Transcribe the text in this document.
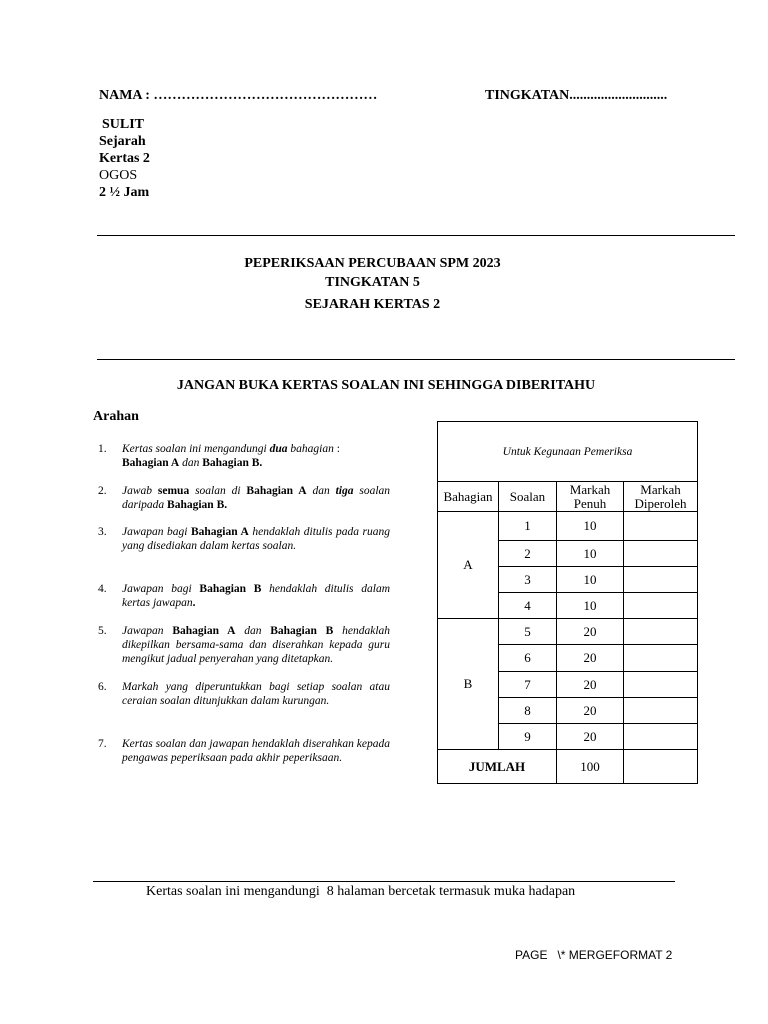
NAMA : …………………………………………	TINGKATAN............................
SULIT
Sejarah
Kertas 2
OGOS
2 ½ Jam
PEPERIKSAAN PERCUBAAN SPM 2023
TINGKATAN 5
SEJARAH KERTAS 2
JANGAN BUKA KERTAS SOALAN INI SEHINGGA DIBERITAHU
Arahan
1. Kertas soalan ini mengandungi dua bahagian :
Bahagian A dan Bahagian B.
2. Jawab semua soalan di Bahagian A dan tiga soalan daripada Bahagian B.
3. Jawapan bagi Bahagian A hendaklah ditulis pada ruang yang disediakan dalam kertas soalan.
4. Jawapan bagi Bahagian B hendaklah ditulis dalam kertas jawapan.
5. Jawapan Bahagian A dan Bahagian B hendaklah dikepilkan bersama-sama dan diserahkan kepada guru mengikut jadual penyerahan yang ditetapkan.
6. Markah yang diperuntukkan bagi setiap soalan atau ceraian soalan ditunjukkan dalam kurungan.
7. Kertas soalan dan jawapan hendaklah diserahkan kepada pengawas peperiksaan pada akhir peperiksaan.
Untuk Kegunaan Pemeriksa			
Bahagian	Soalan	Markah Penuh	Markah Diperoleh
A	1	10	
	2	10	
	3	10	
	4	10	
B	5	20	
	6	20	
	7	20	
	8	20	
	9	20	
JUMLAH		100	
Kertas soalan ini mengandungi  8 halaman bercetak termasuk muka hadapan
PAGE   \* MERGEFORMAT 2
